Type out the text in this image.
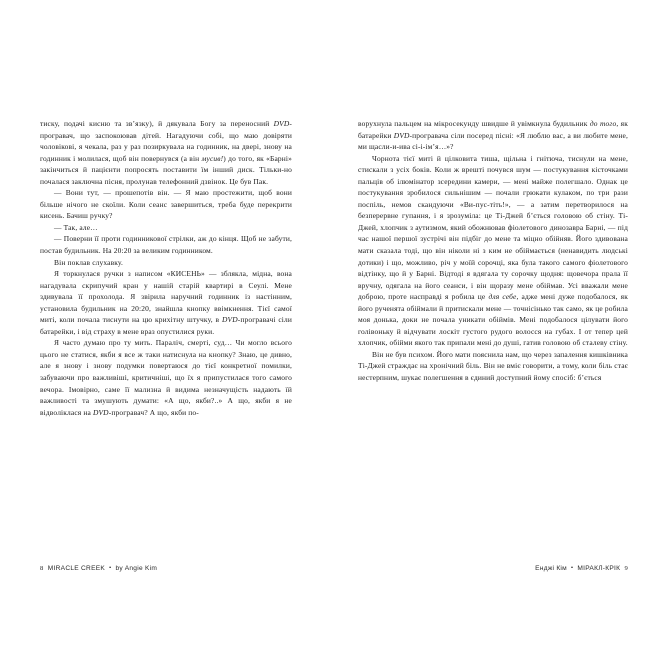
тиску, подачі кисню та звʼязку), й дякувала Богу за переносний DVD-програвач, що заспокоював дітей. Нагадуючи собі, що маю довіряти чоловікові, я чекала, раз у раз позиркувала на годинник, на двері, знову на годинник і молилася, щоб він повернувся (а він мусив!) до того, як «Барні» закінчиться й пацієнти попросять поставити їм інший диск. Тільки-но почалася заключна пісня, пролунав телефонний дзвінок. Це був Пак.

— Вони тут, — прошепотів він. — Я маю простежити, щоб вони більше нічого не скоїли. Коли сеанс завершиться, треба буде перекрити кисень. Бачиш ручку?

— Так, але…

— Поверни її проти годинникової стрілки, аж до кінця. Щоб не забути, постав будильник. На 20:20 за великим годинником.

Він поклав слухавку.

Я торкнулася ручки з написом «КИСЕНЬ» — зблякла, мідна, вона нагадувала скрипучий кран у нашій старій квартирі в Сеулі. Мене здивувала її прохолода. Я звірила наручний годинник із настінним, установила будильник на 20:20, знайшла кнопку ввімкнення. Тієї самої миті, коли почала тиснути на цю крихітну штучку, в DVD-програвачі сіли батарейки, і від страху в мене враз опустилися руки.

Я часто думаю про ту мить. Параліч, смерті, суд… Чи могло всього цього не статися, якби я все ж таки натиснула на кнопку? Знаю, це дивно, але я знову і знову подумки повертаюся до тієї конкретної помилки, забуваючи про важливіші, критичніші, що їх я припустилася того самого вечора. Імовірно, саме її мализна й видима незначущість надають їй важливості та змушують думати: «А що, якби?..» А що, якби я не відволіклася на DVD-програвач? А що, якби по-

8 MIRACLE CREEK ▪ by Angie Kim

ворухнула пальцем на мікросекунду швидше й увімкнула будильник до того, як батарейки DVD-програвача сіли посеред пісні: «Я люблю вас, а ви любите мене, ми щасли-и-ива сі-і-імʼя…»?

Чорнота тієї миті й цілковита тиша, щільна і гнітюча, тиснули на мене, стискали з усіх боків. Коли ж врешті почувся шум — постукування кісточками пальців об ілюмінатор зсередини камери, — мені майже полегшало. Однак це постукування зробилося сильнішим — почали грюкати кулаком, по три рази поспіль, немов скандуючи «Ви-пус-тіть!», — а затим перетворилося на безперервне гупання, і я зрозуміла: це Ті-Джей бʼється головою об стіну. Ті-Джей, хлопчик з аутизмом, який обожнював фіолетового динозавра Барні, — під час нашої першої зустрічі він підбіг до мене та міцно обійняв. Його здивована мати сказала тоді, що він ніколи ні з ким не обіймається (ненавидить людські дотики) і що, можливо, річ у моїй сорочці, яка була такого самого фіолетового відтінку, що й у Барні. Відтоді я вдягала ту сорочку щодня: щовечора прала її вручну, одягала на його сеанси, і він щоразу мене обіймав. Усі вважали мене доброю, проте насправді я робила це для себе, адже мені дуже подобалося, як його рученята обіймали й притискали мене — точнісінько так само, як це робила моя донька, доки не почала уникати обіймів. Мені подобалося цілувати його голівоньку й відчувати лоскіт густого рудого волосся на губах. І от тепер цей хлопчик, обійми якого так припали мені до душі, гатив головою об сталеву стіну.

Він не був психом. Його мати пояснила нам, що через запалення кишківника Ті-Джей страждає на хронічний біль. Він не вміє говорити, а тому, коли біль стає нестерпним, шукає полегшення в єдиний доступний йому спосіб: бʼється

Енджі Кім ▪ МІРАКЛ-КРІК 9
